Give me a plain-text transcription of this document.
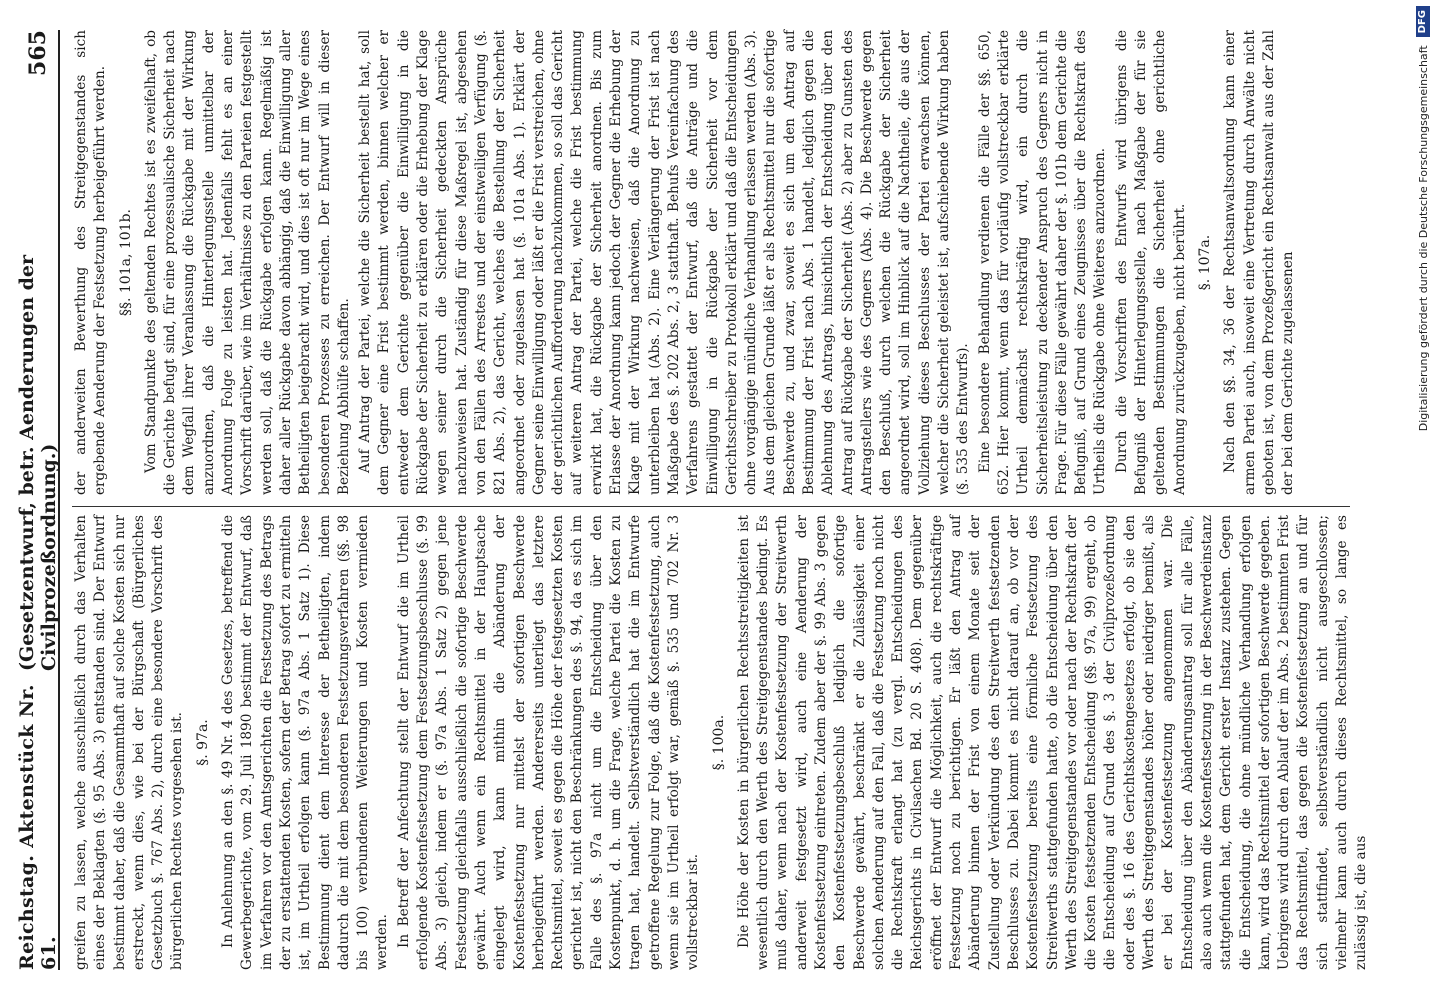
Reichstag. Aktenstück Nr. 61.
(Gesetzentwurf, betr. Aenderungen der Civilprozeßordnung.)
565
greifen zu lassen, welche ausschließlich durch das Verhalten eines der Beklagten (§. 95 Abs. 3) entstanden sind. Der Entwurf bestimmt daher, daß die Gesammthaft auf solche Kosten sich nur erstreckt, wenn dies, wie bei der Bürgschaft (Bürgerliches Gesetzbuch §. 767 Abs. 2), durch eine besondere Vorschrift des bürgerlichen Rechtes vorgesehen ist. §. 97a. In Anlehnung an den §. 49 Nr. 4 des Gesetzes, betreffend die Gewerbegerichte, vom 29. Juli 1890 bestimmt der Entwurf, daß im Verfahren vor den Amtsgerichten die Festsetzung des Betrags der zu erstattenden Kosten, sofern der Betrag sofort zu ermitteln ist, im Urtheil erfolgen kann (§. 97a Abs. 1 Satz 1). Diese Bestimmung dient dem Interesse der Betheiligten, indem dadurch die mit dem besonderen Festsetzungsverfahren (§§. 98 bis 100) verbundenen Weiterungen und Kosten vermieden werden. In Betreff der Anfechtung stellt der Entwurf die im Urtheil erfolgende Kostenfestsetzung dem Festsetzungsbeschlusse (§. 99 Abs. 3) gleich, indem er (§. 97a Abs. 1 Satz 2) gegen jene Festsetzung gleichfalls ausschließlich die sofortige Beschwerde gewährt. Auch wenn ein Rechtsmittel in der Hauptsache eingelegt wird, kann mithin die Abänderung der Kostenfestsetzung nur mittelst der sofortigen Beschwerde herbeigeführt werden. Andererseits unterliegt das letztere Rechtsmittel, soweit es gegen die Höhe der festgesetzten Kosten gerichtet ist, nicht den Beschränkungen des §. 94, da es sich im Falle des §. 97a nicht um die Entscheidung über den Kostenpunkt, d. h. um die Frage, welche Partei die Kosten zu tragen hat, handelt. Selbstverständlich hat die im Entwurfe getroffene Regelung zur Folge, daß die Kostenfestsetzung, auch wenn sie im Urtheil erfolgt war, gemäß §. 535 und 702 Nr. 3 vollstreckbar ist.
§. 100a. Die Höhe der Kosten in bürgerlichen Rechtsstreitigkeiten ist wesentlich durch den Werth des Streitgegenstandes bedingt. Es muß daher, wenn nach der Kostenfestsetzung der Streitwerth anderweit festgesetzt wird, auch eine Aenderung der Kostenfestsetzung eintreten. Zudem aber der §. 99 Abs. 3 gegen den Kostenfestsetzungsbeschluß lediglich die sofortige Beschwerde gewährt, beschränkt er die Zulässigkeit einer solchen Aenderung auf den Fall, daß die Festsetzung noch nicht die Rechtskraft erlangt hat (zu vergl. Entscheidungen des Reichsgerichts in Civilsachen Bd. 20 S. 408). Dem gegenüber eröffnet der Entwurf die Möglichkeit, auch die rechtskräftige Festsetzung noch zu berichtigen. Er läßt den Antrag auf Abänderung binnen der Frist von einem Monate seit der Zustellung oder Verkündung des den Streitwerth festsetzenden Beschlusses zu. Dabei kommt es nicht darauf an, ob vor der Kostenfestsetzung bereits eine förmliche Festsetzung des Streitwerths stattgefunden hatte, ob die Entscheidung über den Werth des Streitgegenstandes vor oder nach der Rechtskraft der die Kosten festsetzenden Entscheidung (§§. 97a, 99) ergeht, ob die Entscheidung auf Grund des §. 3 der Civilprozeßordnung oder des §. 16 des Gerichtskostengesetzes erfolgt, ob sie den Werth des Streitgegenstandes höher oder niedriger bemißt, als er bei der Kostenfestsetzung angenommen war. Die Entscheidung über den Abänderungsantrag soll für alle Fälle, also auch wenn die Kostenfestsetzung in der Beschwerdeinstanz stattgefunden hat, dem Gericht erster Instanz zustehen. Gegen die Entscheidung, die ohne mündliche Verhandlung erfolgen kann, wird das Rechtsmittel der sofortigen Beschwerde gegeben. Uebrigens wird durch den Ablauf der im Abs. 2 bestimmten Frist das Rechtsmittel, das gegen die Kostenfestsetzung an und für sich stattfindet, selbstverständlich nicht ausgeschlossen; vielmehr kann auch durch dieses Rechtsmittel, so lange es zulässig ist, die aus
der anderweiten Bewerthung des Streitgegenstandes sich ergebende Aenderung der Festsetzung herbeigeführt werden. §§. 101a, 101b. Vom Standpunkte des geltenden Rechtes ist es zweifelhaft, ob die Gerichte befugt sind, für eine prozessualische Sicherheit nach dem Wegfall ihrer Veranlassung die Rückgabe mit der Wirkung anzuordnen, daß die Hinterlegungsstelle unmittelbar der Anordnung Folge zu leisten hat. Jedenfalls fehlt es an einer Vorschrift darüber, wie im Verhältnisse zu den Parteien festgestellt werden soll, daß die Rückgabe erfolgen kann. Regelmäßig ist daher aller Rückgabe davon abhängig, daß die Einwilligung aller Betheiligten beigebracht wird, und dies ist oft nur im Wege eines besonderen Prozesses zu erreichen. Der Entwurf will in dieser Beziehung Abhülfe schaffen. Auf Antrag der Partei, welche die Sicherheit bestellt hat, soll dem Gegner eine Frist bestimmt werden, binnen welcher er entweder dem Gerichte gegenüber die Einwilligung in die Rückgabe der Sicherheit zu erklären oder die Erhebung der Klage wegen seiner durch die Sicherheit gedeckten Ansprüche nachzuweisen hat. Zuständig für diese Maßregel ist, abgesehen von den Fällen des Arrestes und der einstweiligen Verfügung (§. 821 Abs. 2), das Gericht, welches die Bestellung der Sicherheit angeordnet oder zugelassen hat (§. 101a Abs. 1). Erklärt der Gegner seine Einwilligung oder läßt er die Frist verstreichen, ohne der gerichtlichen Aufforderung nachzukommen, so soll das Gericht auf weiteren Antrag der Partei, welche die Frist bestimmung erwirkt hat, die Rückgabe der Sicherheit anordnen. Bis zum Erlasse der Anordnung kann jedoch der Gegner die Erhebung der Klage mit der Wirkung nachweisen, daß die Anordnung zu unterbleiben hat (Abs. 2). Eine Verlängerung der Frist ist nach Maßgabe des §. 202 Abs. 2, 3 statthaft. Behufs Vereinfachung des Verfahrens gestattet der Entwurf, daß die Anträge und die Einwilligung in die Rückgabe der Sicherheit vor dem Gerichtsschreiber zu Protokoll erklärt und daß die Entscheidungen ohne vorgängige mündliche Verhandlung erlassen werden (Abs. 3). Aus dem gleichen Grunde läßt er als Rechtsmittel nur die sofortige Beschwerde zu, und zwar, soweit es sich um den Antrag auf Bestimmung der Frist nach Abs. 1 handelt, lediglich gegen die Ablehnung des Antrags, hinsichtlich der Entscheidung über den Antrag auf Rückgabe der Sicherheit (Abs. 2) aber zu Gunsten des Antragstellers wie des Gegners (Abs. 4). Die Beschwerde gegen den Beschluß, durch welchen die Rückgabe der Sicherheit angeordnet wird, soll im Hinblick auf die Nachtheile, die aus der Vollziehung dieses Beschlusses der Partei erwachsen können, welcher die Sicherheit geleistet ist, aufschiebende Wirkung haben (§. 535 des Entwurfs). Eine besondere Behandlung verdienen die Fälle der §§. 650, 652. Hier kommt, wenn das für vorläufig vollstreckbar erklärte Urtheil demnächst rechtskräftig wird, ein durch die Sicherheitsleistung zu deckender Anspruch des Gegners nicht in Frage. Für diese Fälle gewährt daher der §. 101b dem Gerichte die Befugniß, auf Grund eines Zeugnisses über die Rechtskraft des Urtheils die Rückgabe ohne Weiteres anzuordnen. Durch die Vorschriften des Entwurfs wird übrigens die Befugniß der Hinterlegungsstelle, nach Maßgabe der für sie geltenden Bestimmungen die Sicherheit ohne gerichtliche Anordnung zurückzugeben, nicht berührt. §. 107a. Nach den §§. 34, 36 der Rechtsanwaltsordnung kann einer armen Partei auch, insoweit eine Vertretung durch Anwälte nicht geboten ist, von dem Prozeßgericht ein Rechtsanwalt aus der Zahl der bei dem Gerichte zugelassenen	Digitalisierung gefördert durch die Deutsche Forschungsgemeinschaft
DFG
